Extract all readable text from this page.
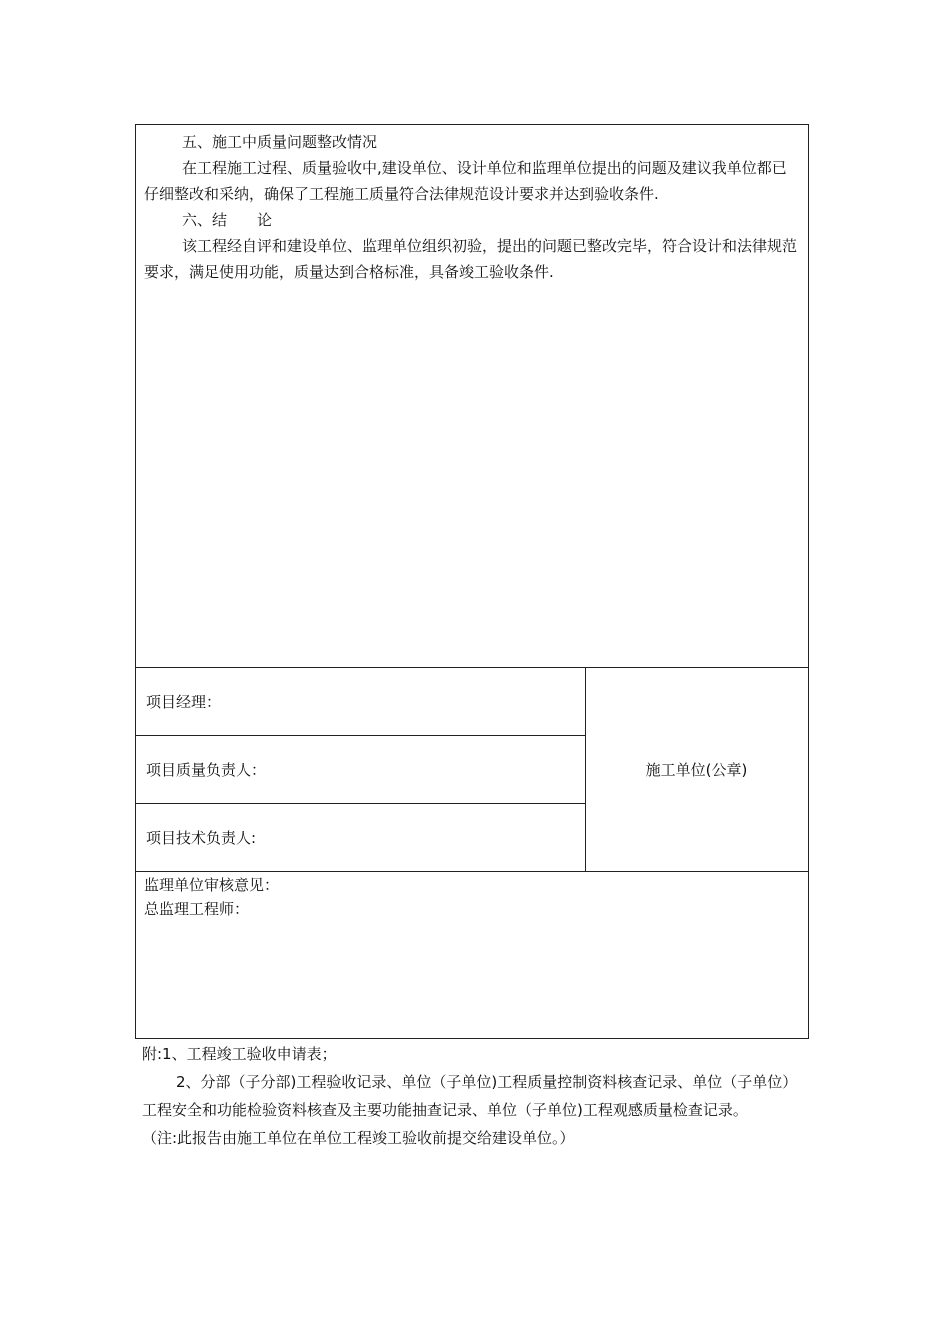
五、施工中质量问题整改情况

在工程施工过程、质量验收中,建设单位、设计单位和监理单位提出的问题及建议我单位都已仔细整改和采纳，确保了工程施工质量符合法律规范设计要求并达到验收条件.

六、结　　论

该工程经自评和建设单位、监理单位组织初验，提出的问题已整改完毕，符合设计和法律规范要求，满足使用功能，质量达到合格标准，具备竣工验收条件.

项目经理：
项目质量负责人：
项目技术负责人:
施工单位(公章)
监理单位审核意见：
总监理工程师：

附:1、工程竣工验收申请表；

2、分部（子分部)工程验收记录、单位（子单位)工程质量控制资料核查记录、单位（子单位）工程安全和功能检验资料核查及主要功能抽查记录、单位（子单位)工程观感质量检查记录。

（注:此报告由施工单位在单位工程竣工验收前提交给建设单位。）
